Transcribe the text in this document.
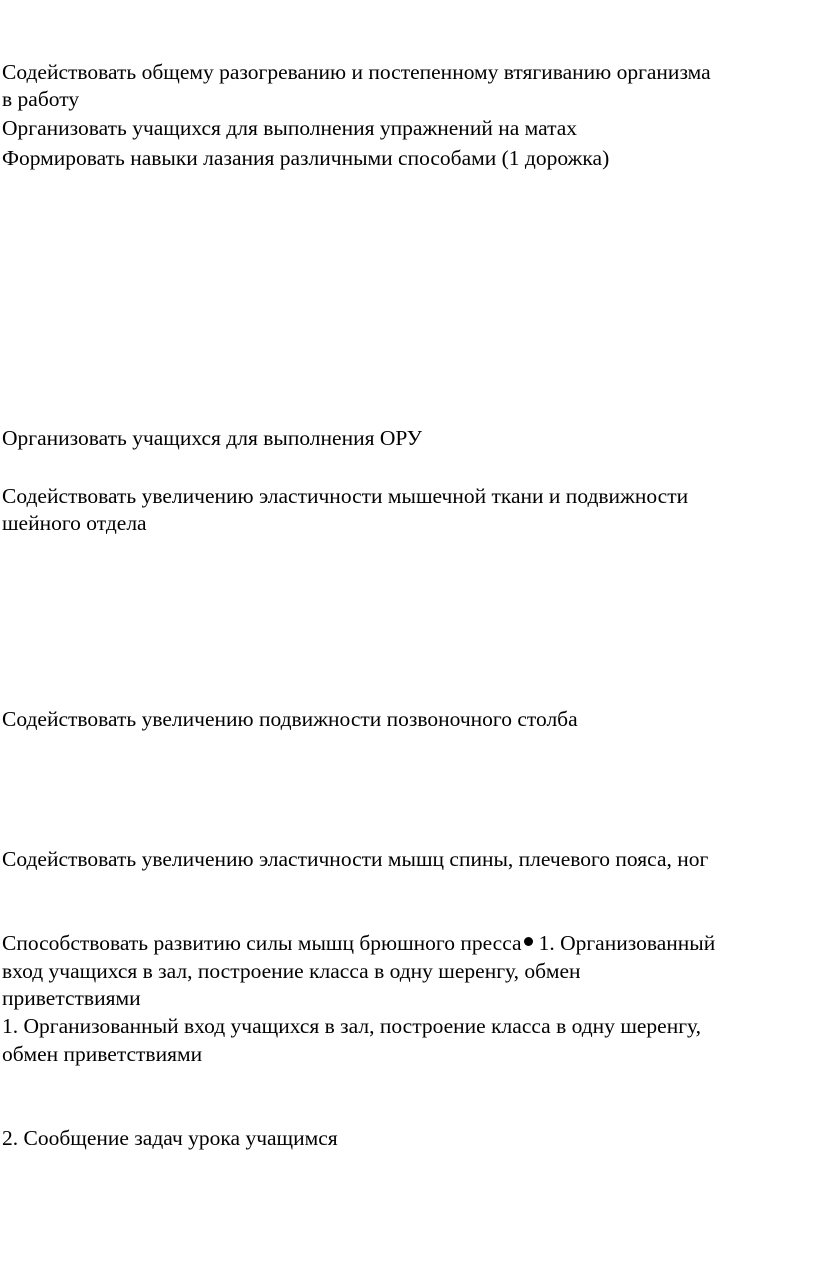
Содействовать общему разогреванию и постепенному втягиванию организма
в работу
Организовать учащихся для выполнения упражнений на матах
Формировать навыки лазания различными способами (1 дорожка)
Организовать учащихся для выполнения ОРУ
Содействовать увеличению эластичности мышечной ткани и подвижности
шейного отдела
Содействовать увеличению подвижности позвоночного столба
Содействовать увеличению эластичности мышц спины, плечевого пояса, ног
Способствовать развитию силы мышц брюшного пресса 1. Организованный
вход учащихся в зал, построение класса в одну шеренгу, обмен
приветствиями
1. Организованный вход учащихся в зал, построение класса в одну шеренгу,
обмен приветствиями
2. Сообщение задач урока учащимся
